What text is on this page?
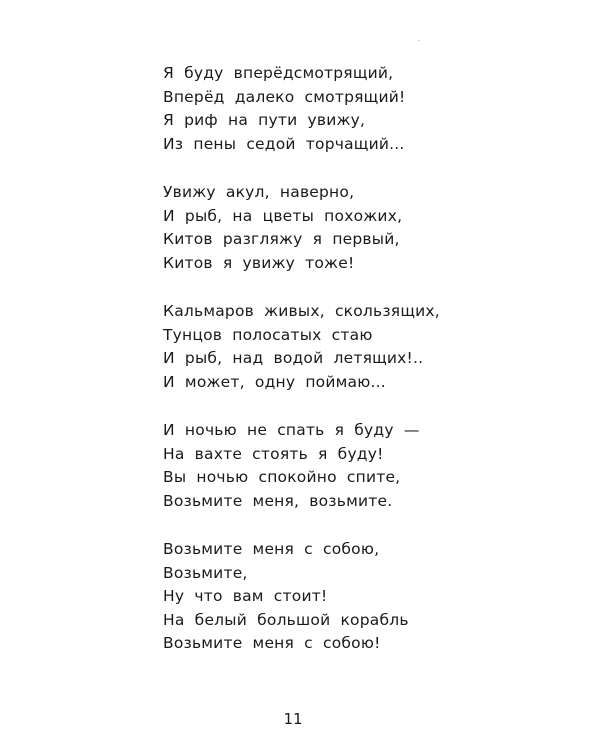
Я буду вперёдсмотрящий,
Вперёд далеко смотрящий!
Я риф на пути увижу,
Из пены седой торчащий...
Увижу акул, наверно,
И рыб, на цветы похожих,
Китов разгляжу я первый,
Китов я увижу тоже!
Кальмаров живых, скользящих,
Тунцов полосатых стаю
И рыб, над водой летящих!..
И может, одну поймаю...
И ночью не спать я буду —
На вахте стоять я буду!
Вы ночью спокойно спите,
Возьмите меня, возьмите.
Возьмите меня с собою,
Возьмите,
Ну что вам стоит!
На белый большой корабль
Возьмите меня с собою!
11
